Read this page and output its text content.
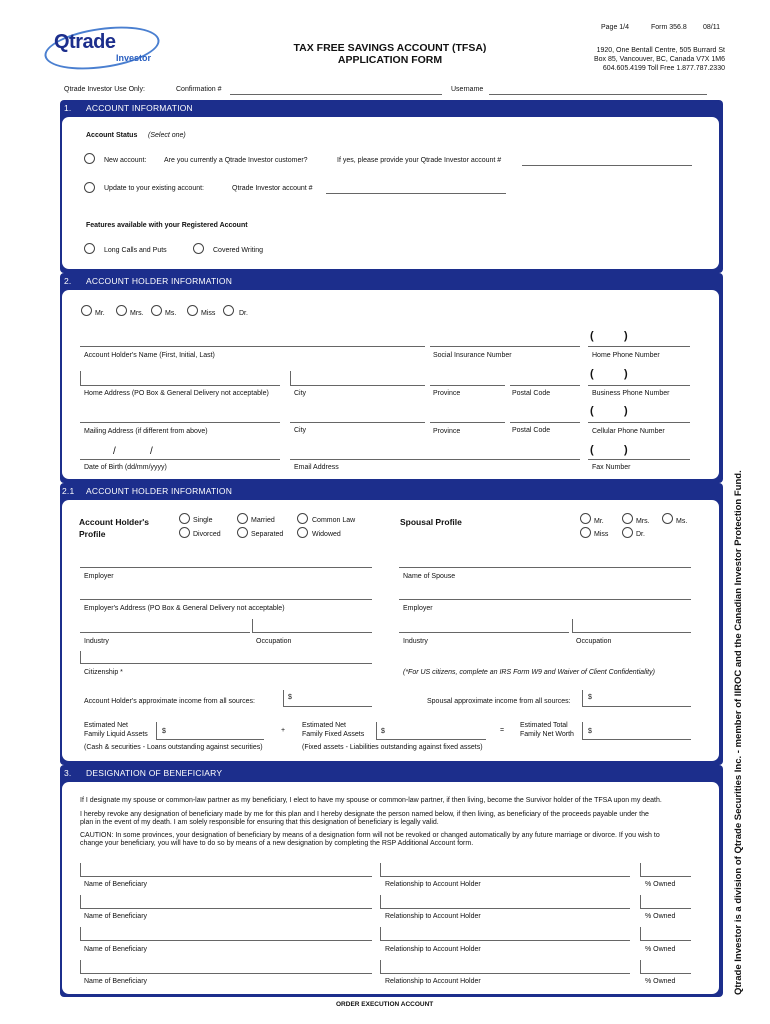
Qtrade
Investor
Page 1/4	Form 356.8 08/11
TAX FREE SAVINGS ACCOUNT (TFSA)
APPLICATION FORM
1920, One Bentall Centre, 505 Burrard St
Box 85, Vancouver, BC, Canada V7X 1M6
604.605.4199 Toll Free 1.877.787.2330
Qtrade Investor Use Only:	Confirmation #	Username
1. ACCOUNT INFORMATION
Account Status (Select one)
New account:	Are you currently a Qtrade Investor customer?	If yes, please provide your Qtrade Investor account #
Update to your existing account:	Qtrade Investor account #
Features available with your Registered Account
Long Calls and Puts	Covered Writing
2. ACCOUNT HOLDER INFORMATION
Mr.	Mrs.	Ms.	Miss	Dr.
(	)
Account Holder's Name (First, Initial, Last)	Social Insurance Number	Home Phone Number
(	)
Home Address (PO Box & General Delivery not acceptable)	City	Province	Postal Code	Business Phone Number
(	)
Mailing Address (if different from above)	City	Province	Postal Code	Cellular Phone Number
/	/	(	)
Date of Birth (dd/mm/yyyy)	Email Address	Fax Number
2.1 ACCOUNT HOLDER INFORMATION
Account Holder's
Profile
Single	Married	Common Law
Divorced	Separated	Widowed
Spousal Profile	Mr.	Mrs.	Ms.
Miss	Dr.
Employer	Name of Spouse
Employer's Address (PO Box & General Delivery not acceptable)	Employer
Industry	Occupation	Industry	Occupation
Citizenship *	(*For US citizens, complete an IRS Form W9 and Waiver of Client Confidentiality)
Account Holder's approximate income from all sources:
$
Spousal approximate income from all sources:
$
Estimated Net
Family Liquid Assets $	+
Estimated Net
Family Fixed Assets $	=
Estimated Total
Family Net Worth $
(Cash & securities - Loans outstanding against securities)	(Fixed assets - Liabilities outstanding against fixed assets)
3. DESIGNATION OF BENEFICIARY
If I designate my spouse or common-law partner as my beneficiary, I elect to have my spouse or common-law partner, if then living, become the Survivor holder of the TFSA upon my death.
I hereby revoke any designation of beneficiary made by me for this plan and I hereby designate the person named below, if then living, as beneficiary of the proceeds payable under the
plan in the event of my death. I am solely responsible for ensuring that this designation of beneficiary is legally valid.
CAUTION: In some provinces, your designation of beneficiary by means of a designation form will not be revoked or changed automatically by any future marriage or divorce. If you wish to
change your beneficiary, you will have to do so by means of a new designation by completing the RSP Additional Account form.
Name of Beneficiary	Relationship to Account Holder	% Owned
Name of Beneficiary	Relationship to Account Holder	% Owned
Name of Beneficiary	Relationship to Account Holder	% Owned
Name of Beneficiary	Relationship to Account Holder	% Owned
ORDER EXECUTION ACCOUNT
Qtrade Investor is a division of Qtrade Securities Inc. - member of IIROC and the Canadian Investor Protection Fund.
